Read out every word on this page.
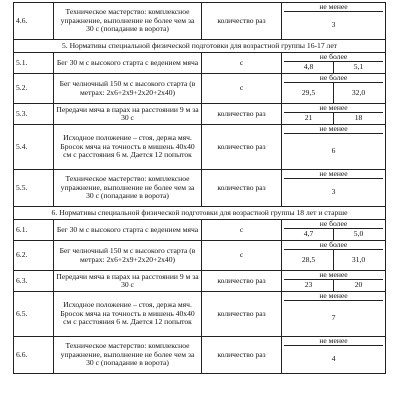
4.6.	Техническое мастерство: комплексное упражнение, выполнение не более чем за 30 с (попадание в ворота)	количество раз	не менее
3

5. Нормативы специальной физической подготовки для возрастной группы 16-17 лет			
5.1.	Бег 30 м с высокого старта с ведением мяча	с	не более
4,8 5,1

5.2.	Бег челночный 150 м с высокого старта (в метрах: 2х6+2х9+2х20+2х40)	с	не более
29,5 32,0

5.3.	Передачи мяча в парах на расстоянии 9 м за 30 с	количество раз	не менее
21 18

5.4.	Исходное положение – стоя, держа мяч. Бросок мяча на точность в мишень 40х40 см с расстояния 6 м. Дается 12 попыток	количество раз	не менее
6

5.5.	Техническое мастерство: комплексное упражнение, выполнение не более чем за 30 с (попадание в ворота)	количество раз	не менее
3

6. Нормативы специальной физической подготовки для возрастной группы 18 лет и старше			
6.1.	Бег 30 м с высокого старта с ведением мяча	с	не более
4,7 5,0

6.2.	Бег челночный 150 м с высокого старта (в метрах: 2х6+2х9+2х20+2х40)	с	не более
28,5 31,0

6.3.	Передачи мяча в парах на расстоянии 9 м за 30 с	количество раз	не менее
23 20

6.5.	Исходное положение – стоя, держа мяч. Бросок мяча на точность в мишень 40х40 см с расстояния 6 м. Дается 12 попыток	количество раз	не менее
7

6.6.	Техническое мастерство: комплексное упражнение, выполнение не более чем за 30 с (попадание в ворота)	количество раз	не менее
4
